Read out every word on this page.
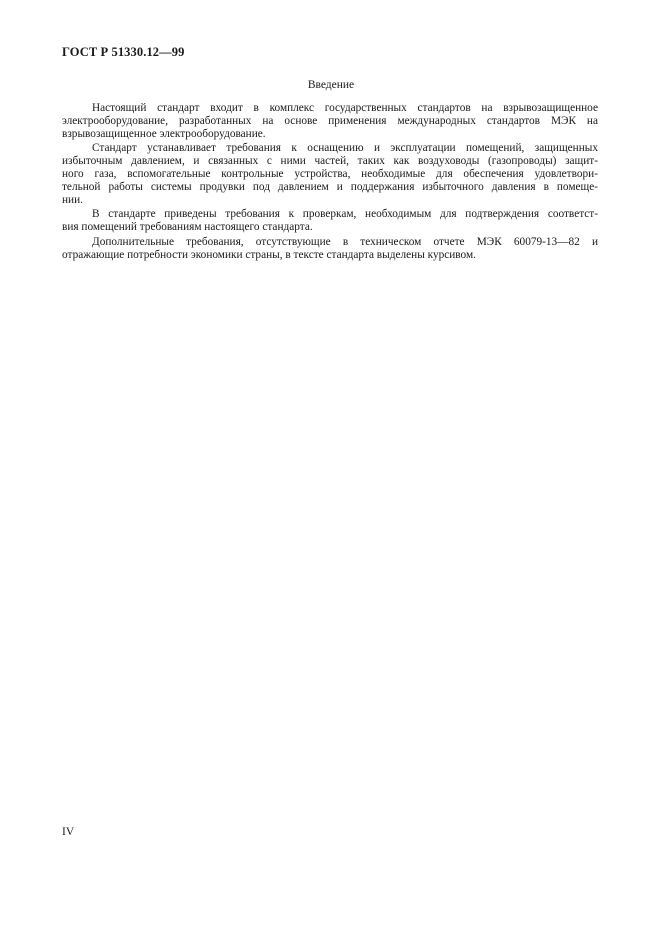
ГОСТ Р 51330.12—99

Введение

Настоящий стандарт входит в комплекс государственных стандартов на взрывозащищенное
электрооборудование, разработанных на основе применения международных стандартов МЭК на
взрывозащищенное электрооборудование.

Стандарт устанавливает требования к оснащению и эксплуатации помещений, защищенных
избыточным давлением, и связанных с ними частей, таких как воздуховоды (газопроводы) защит-
ного газа, вспомогательные контрольные устройства, необходимые для обеспечения удовлетвори-
тельной работы системы продувки под давлением и поддержания избыточного давления в помеще-
нии.

В стандарте приведены требования к проверкам, необходимым для подтверждения соответст-
вия помещений требованиям настоящего стандарта.

Дополнительные требования, отсутствующие в техническом отчете МЭК 60079-13—82 и
отражающие потребности экономики страны, в тексте стандарта выделены курсивом.

IV
